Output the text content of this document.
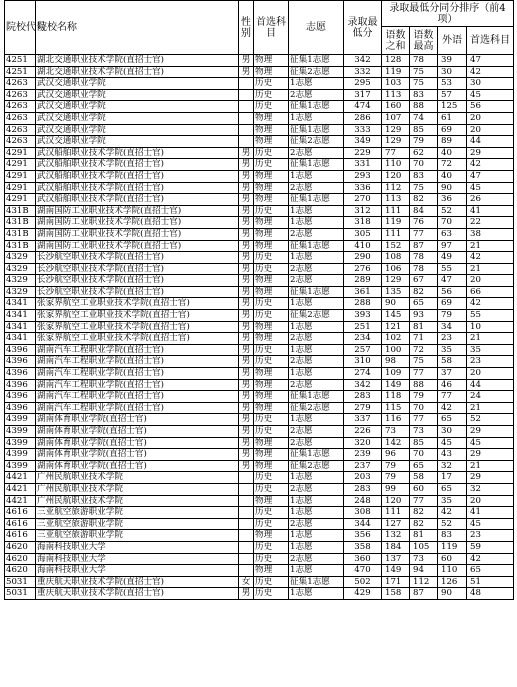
院校代号	院校名称	性别	首选科目	志愿	录取最低分	录取最低分同分排序（前4项）			
						语数之和	语数最高	外语	首选科目
4251	湖北交通职业技术学院(直招士官)	男	物理	征集1志愿	342	128	78	39	47
4251	湖北交通职业技术学院(直招士官)	男	物理	征集2志愿	332	119	75	30	42
4263	武汉交通职业学院		历史	1志愿	295	103	75	53	30
4263	武汉交通职业学院		历史	2志愿	317	113	83	57	45
4263	武汉交通职业学院		历史	征集1志愿	474	160	88	125	56
4263	武汉交通职业学院		物理	1志愿	286	107	74	61	20
4263	武汉交通职业学院		物理	征集1志愿	333	129	85	69	20
4263	武汉交通职业学院		物理	征集2志愿	349	129	79	89	44
4291	武汉船舶职业技术学院(直招士官)	男	历史	2志愿	229	77	62	40	29
4291	武汉船舶职业技术学院(直招士官)	男	历史	征集1志愿	331	110	70	72	42
4291	武汉船舶职业技术学院(直招士官)	男	物理	1志愿	293	120	83	40	47
4291	武汉船舶职业技术学院(直招士官)	男	物理	2志愿	336	112	75	90	45
4291	武汉船舶职业技术学院(直招士官)	男	物理	征集1志愿	270	113	82	36	26
431B	湖南国防工业职业技术学院(直招士官)	男	历史	1志愿	312	111	84	52	41
431B	湖南国防工业职业技术学院(直招士官)	男	物理	1志愿	318	119	76	70	22
431B	湖南国防工业职业技术学院(直招士官)	男	物理	2志愿	305	111	77	63	38
431B	湖南国防工业职业技术学院(直招士官)	男	物理	征集1志愿	410	152	87	97	21
4329	长沙航空职业技术学院(直招士官)	男	历史	1志愿	290	108	78	49	42
4329	长沙航空职业技术学院(直招士官)	男	历史	2志愿	276	106	78	55	21
4329	长沙航空职业技术学院(直招士官)	男	物理	2志愿	289	129	67	47	20
4329	长沙航空职业技术学院(直招士官)	男	物理	征集1志愿	361	135	82	56	66
4341	张家界航空工业职业技术学院(直招士官)	男	历史	1志愿	288	90	65	69	42
4341	张家界航空工业职业技术学院(直招士官)	男	历史	征集2志愿	393	145	93	79	55
4341	张家界航空工业职业技术学院(直招士官)	男	物理	1志愿	251	121	81	34	10
4341	张家界航空工业职业技术学院(直招士官)	男	物理	2志愿	234	102	71	23	21
4396	湖南汽车工程职业学院(直招士官)	男	历史	1志愿	257	100	72	35	35
4396	湖南汽车工程职业学院(直招士官)	男	历史	2志愿	310	98	75	58	23
4396	湖南汽车工程职业学院(直招士官)	男	物理	1志愿	274	109	77	37	20
4396	湖南汽车工程职业学院(直招士官)	男	物理	2志愿	342	149	88	46	44
4396	湖南汽车工程职业学院(直招士官)	男	物理	征集1志愿	283	118	79	77	24
4396	湖南汽车工程职业学院(直招士官)	男	物理	征集2志愿	279	115	70	42	21
4399	湖南体育职业学院(直招士官)	男	历史	1志愿	337	116	77	65	52
4399	湖南体育职业学院(直招士官)	男	历史	2志愿	226	73	73	30	29
4399	湖南体育职业学院(直招士官)	男	物理	2志愿	320	142	85	45	45
4399	湖南体育职业学院(直招士官)	男	物理	征集1志愿	239	96	70	43	29
4399	湖南体育职业学院(直招士官)	男	物理	征集2志愿	237	79	65	32	21
4421	广州民航职业技术学院		历史	1志愿	203	79	58	17	29
4421	广州民航职业技术学院		历史	2志愿	283	99	60	65	32
4421	广州民航职业技术学院		物理	1志愿	248	120	77	35	20
4616	三亚航空旅游职业学院		历史	1志愿	308	111	82	42	41
4616	三亚航空旅游职业学院		历史	2志愿	344	127	82	52	45
4616	三亚航空旅游职业学院		物理	1志愿	356	132	81	83	23
4620	海南科技职业大学		历史	1志愿	358	184	105	119	59
4620	海南科技职业大学		历史	2志愿	360	137	73	60	42
4620	海南科技职业大学		物理	1志愿	470	149	94	110	65
5031	重庆航天职业技术学院(直招士官)	女	历史	征集1志愿	502	171	112	126	51
5031	重庆航天职业技术学院(直招士官)	男	历史	1志愿	429	158	87	90	48
